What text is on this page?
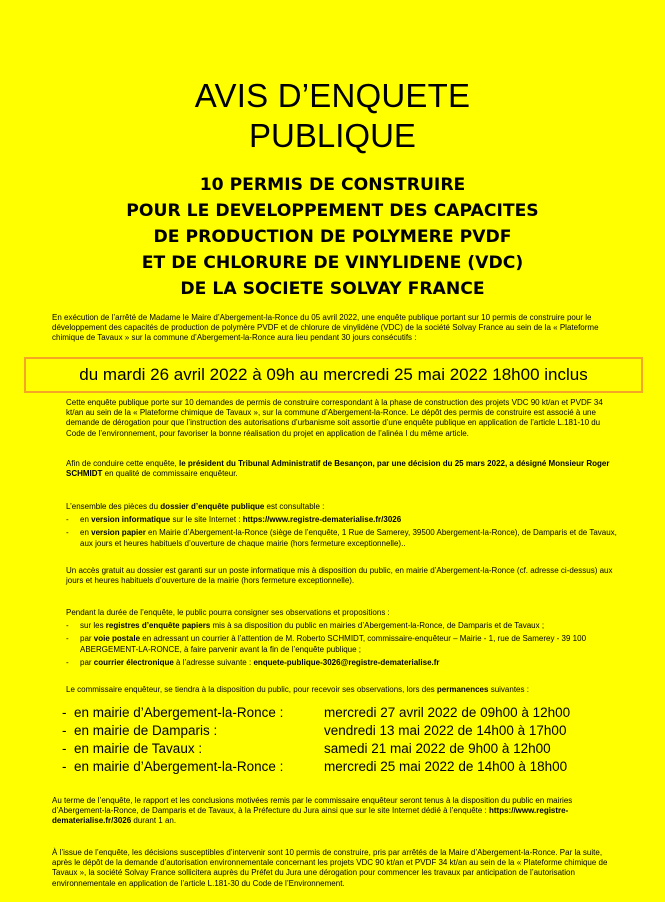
AVIS D’ENQUETE
PUBLIQUE
10 PERMIS DE CONSTRUIRE
POUR LE DEVELOPPEMENT DES CAPACITES
DE PRODUCTION DE POLYMERE PVDF
ET DE CHLORURE DE VINYLIDENE (VDC)
DE LA SOCIETE SOLVAY FRANCE
En exécution de l’arrêté de Madame le Maire d’Abergement-la-Ronce du 05 avril 2022, une enquête publique portant sur 10 permis de construire pour le développement des capacités de production de polymère PVDF et de chlorure de vinylidène (VDC) de la société Solvay France au sein de la « Plateforme chimique de Tavaux » sur la commune d’Abergement-la-Ronce aura lieu pendant 30 jours consécutifs :
du mardi 26 avril 2022 à 09h au mercredi 25 mai 2022 18h00 inclus
Cette enquête publique porte sur 10 demandes de permis de construire correspondant à la phase de construction des projets VDC 90 kt/an et PVDF 34 kt/an au sein de la « Plateforme chimique de Tavaux », sur la commune d’Abergement-la-Ronce. Le dépôt des permis de construire est associé à une demande de dérogation pour que l’instruction des autorisations d’urbanisme soit assortie d’une enquête publique en application de l’article L.181-10 du Code de l’environnement, pour favoriser la bonne réalisation du projet en application de l’alinéa I du même article.
Afin de conduire cette enquête, le président du Tribunal Administratif de Besançon, par une décision du 25 mars 2022, a désigné Monsieur Roger SCHMIDT en qualité de commissaire enquêteur.
L’ensemble des pièces du dossier d’enquête publique est consultable :
- en version informatique sur le site Internet : https://www.registre-dematerialise.fr/3026
- en version papier en Mairie d’Abergement-la-Ronce (siège de l’enquête, 1 Rue de Samerey, 39500 Abergement-la-Ronce), de Damparis et de Tavaux, aux jours et heures habituels d’ouverture de chaque mairie (hors fermeture exceptionnelle)..
Un accès gratuit au dossier est garanti sur un poste informatique mis à disposition du public, en mairie d’Abergement-la-Ronce (cf. adresse ci-dessus) aux jours et heures habituels d’ouverture de la mairie (hors fermeture exceptionnelle).
Pendant la durée de l’enquête, le public pourra consigner ses observations et propositions :
- sur les registres d’enquête papiers mis à sa disposition du public en mairies d’Abergement-la-Ronce, de Damparis et de Tavaux ;
- par voie postale en adressant un courrier à l’attention de M. Roberto SCHMIDT, commissaire-enquêteur – Mairie - 1, rue de Samerey - 39 100 ABERGEMENT-LA-RONCE, à faire parvenir avant la fin de l’enquête publique ;
- par courrier électronique à l’adresse suivante : enquete-publique-3026@registre-dematerialise.fr
Le commissaire enquêteur, se tiendra à la disposition du public, pour recevoir ses observations, lors des permanences suivantes :
-  en mairie d’Abergement-la-Ronce :	mercredi 27 avril 2022 de 09h00 à 12h00
-  en mairie de Damparis :	vendredi 13 mai 2022 de 14h00 à 17h00
-  en mairie de Tavaux :	samedi 21 mai 2022 de 9h00 à 12h00
-  en mairie d’Abergement-la-Ronce :	mercredi 25 mai 2022 de 14h00 à 18h00
Au terme de l’enquête, le rapport et les conclusions motivées remis par le commissaire enquêteur seront tenus à la disposition du public en mairies d’Abergement-la-Ronce, de Damparis et de Tavaux, à la Préfecture du Jura ainsi que sur le site Internet dédié à l’enquête : https://www.registre-dematerialise.fr/3026 durant 1 an.
À l’issue de l’enquête, les décisions susceptibles d’intervenir sont 10 permis de construire, pris par arrêtés de la Maire d’Abergement-la-Ronce. Par la suite, après le dépôt de la demande d’autorisation environnementale concernant les projets VDC 90 kt/an et PVDF 34 kt/an au sein de la « Plateforme chimique de Tavaux », la société Solvay France sollicitera auprès du Préfet du Jura une dérogation pour commencer les travaux par anticipation de l’autorisation environnementale en application de l’article L.181-30 du Code de l’Environnement.
